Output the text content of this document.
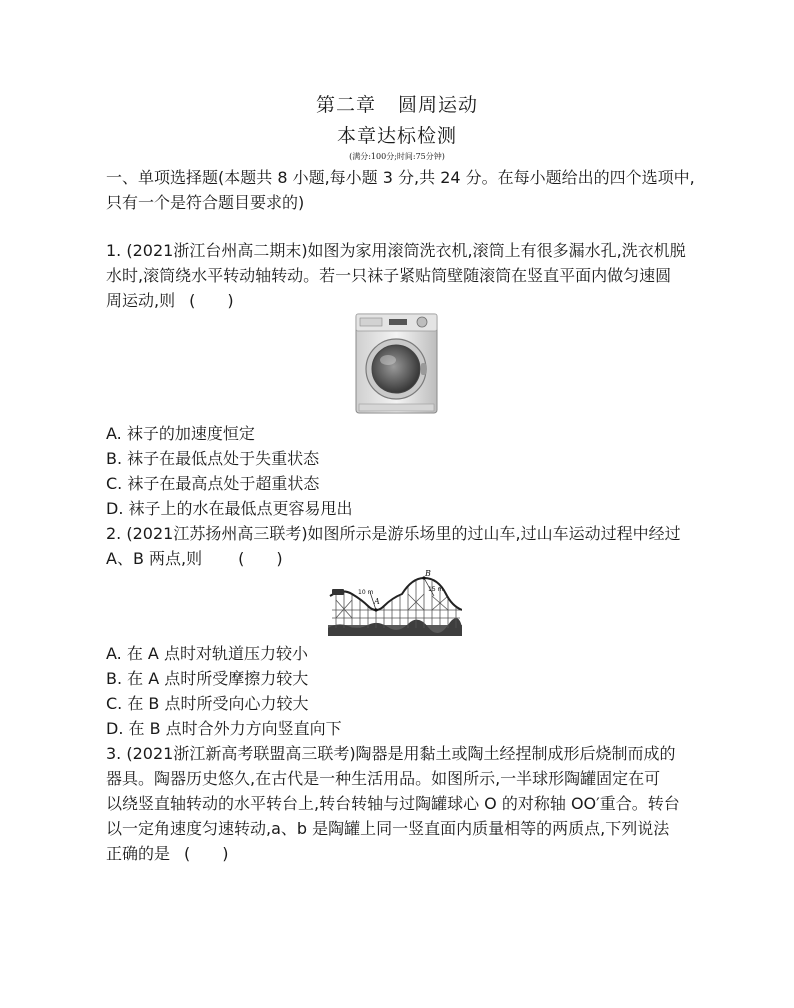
第二章 圆周运动
本章达标检测
(满分:100分;时间:75分钟)
一、单项选择题(本题共 8 小题,每小题 3 分,共 24 分。在每小题给出的四个选项中,
只有一个是符合题目要求的)
1. (2021浙江台州高二期末)如图为家用滚筒洗衣机,滚筒上有很多漏水孔,洗衣机脱
水时,滚筒绕水平转动轴转动。若一只袜子紧贴筒壁随滚筒在竖直平面内做匀速圆
周运动,则 (　　)
A. 袜子的加速度恒定
B. 袜子在最低点处于失重状态
C. 袜子在最高点处于超重状态
D. 袜子上的水在最低点更容易甩出
2. (2021江苏扬州高三联考)如图所示是游乐场里的过山车,过山车运动过程中经过
A、B 两点,则 (　　)
A
B
10 m	15 m
A. 在 A 点时对轨道压力较小
B. 在 A 点时所受摩擦力较大
C. 在 B 点时所受向心力较大
D. 在 B 点时合外力方向竖直向下
3. (2021浙江新高考联盟高三联考)陶器是用黏土或陶土经捏制成形后烧制而成的
器具。陶器历史悠久,在古代是一种生活用品。如图所示,一半球形陶罐固定在可
以绕竖直轴转动的水平转台上,转台转轴与过陶罐球心 O 的对称轴 OO′重合。转台
以一定角速度匀速转动,a、b 是陶罐上同一竖直面内质量相等的两质点,下列说法
正确的是 (　　)
